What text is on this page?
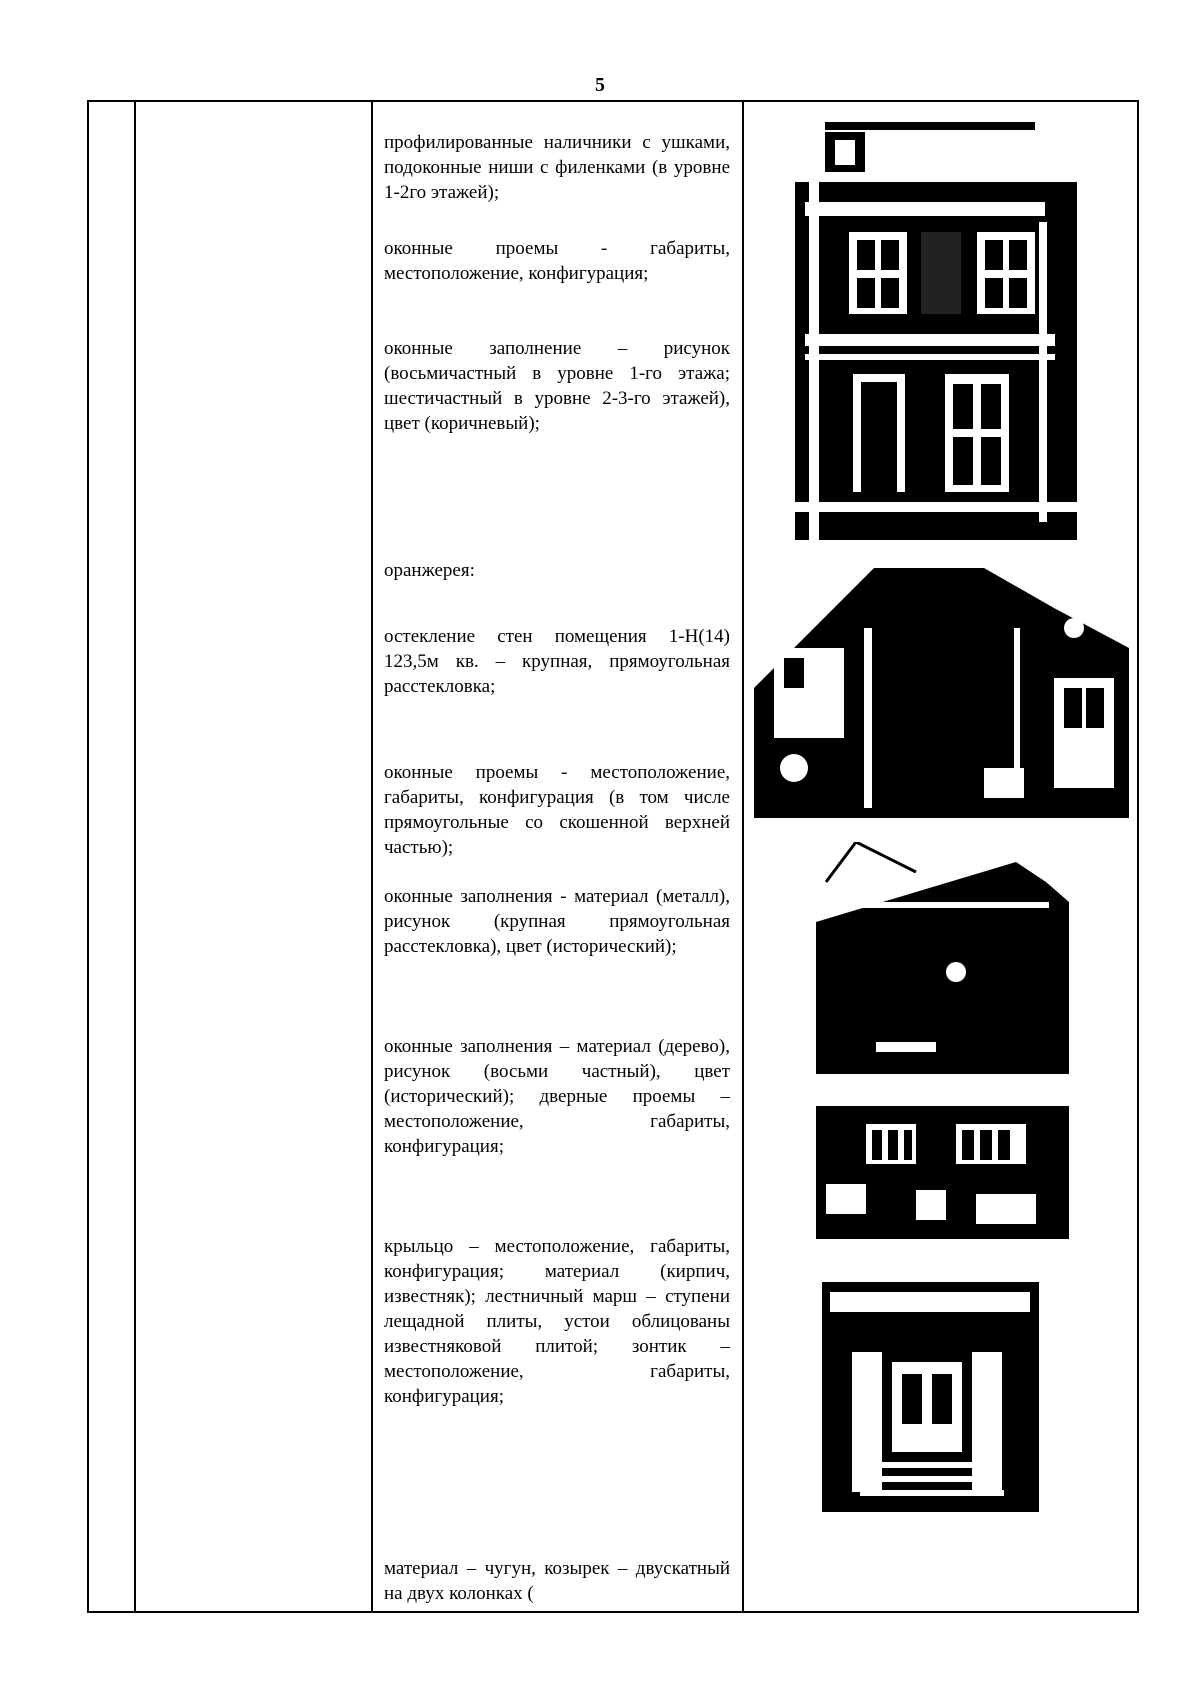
5

профилированные наличники с ушками, подоконные ниши с филенками (в уровне 1-2го этажей);

оконные проемы - габариты, местоположение, конфигурация;

оконные заполнение – рисунок (восьмичастный в уровне 1-го этажа; шестичастный в уровне 2-3-го этажей), цвет (коричневый);

оранжерея:

остекление стен помещения 1-Н(14) 123,5м кв. – крупная, прямоугольная расстекловка;

оконные проемы - местоположение, габариты, конфигурация (в том числе прямоугольные со скошенной верхней частью);

оконные заполнения - материал (металл), рисунок (крупная прямоугольная расстекловка), цвет (исторический);

оконные заполнения – материал (дерево), рисунок (восьми частный), цвет (исторический); дверные проемы – местоположение, габариты, конфигурация;

крыльцо – местоположение, габариты, конфигурация; материал (кирпич, известняк); лестничный марш – ступени лещадной плиты, устои облицованы известняковой плитой; зонтик – местоположение, габариты, конфигурация;

материал – чугун, козырек – двускатный на двух колонках (
